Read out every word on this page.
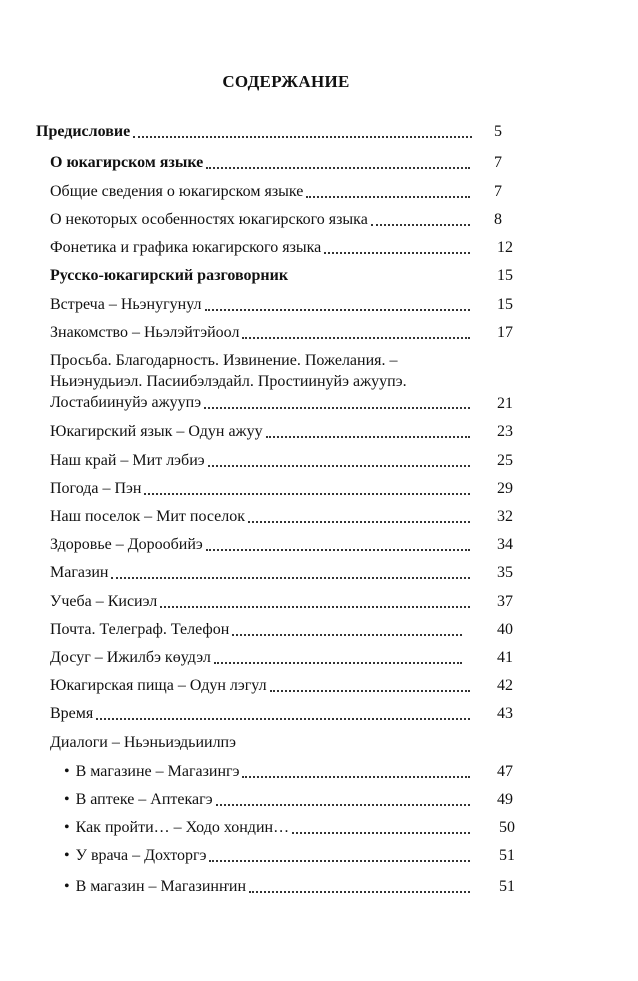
СОДЕРЖАНИЕ
Предисловие	5
О юкагирском языке	7
Общие сведения о юкагирском языке	7
О некоторых особенностях юкагирского языка	8
Фонетика и графика юкагирского языка	12
Русско-юкагирский разговорник	15
Встреча – Ньэнугунул	15
Знакомство – Ньэлэйтэйоол	17
Просьба. Благодарность. Извинение. Пожелания. –
Ньиэнудьиэл. Пасиибэлэдайл. Простиинуйэ ажуупэ.
Лостабиинуйэ ажуупэ	21
Юкагирский язык – Одун ажуу	23
Наш край – Мит лэбиэ	25
Погода – Пэн	29
Наш поселок – Мит поселок	32
Здоровье – Дорообийэ	34
Магазин	35
Учеба – Кисиэл	37
Почта. Телеграф. Телефон	40
Досуг – Ижилбэ көудэл	41
Юкагирская пища – Одун лэгул	42
Время	43
Диалоги – Ньэньиэдьиилпэ
• В магазине – Магазингэ	47
• В аптеке – Аптекагэ	49
• Как пройти… – Ходо хондин…	50
• У врача – Дохторгэ	51
• В магазин – Магазинҥин	51
